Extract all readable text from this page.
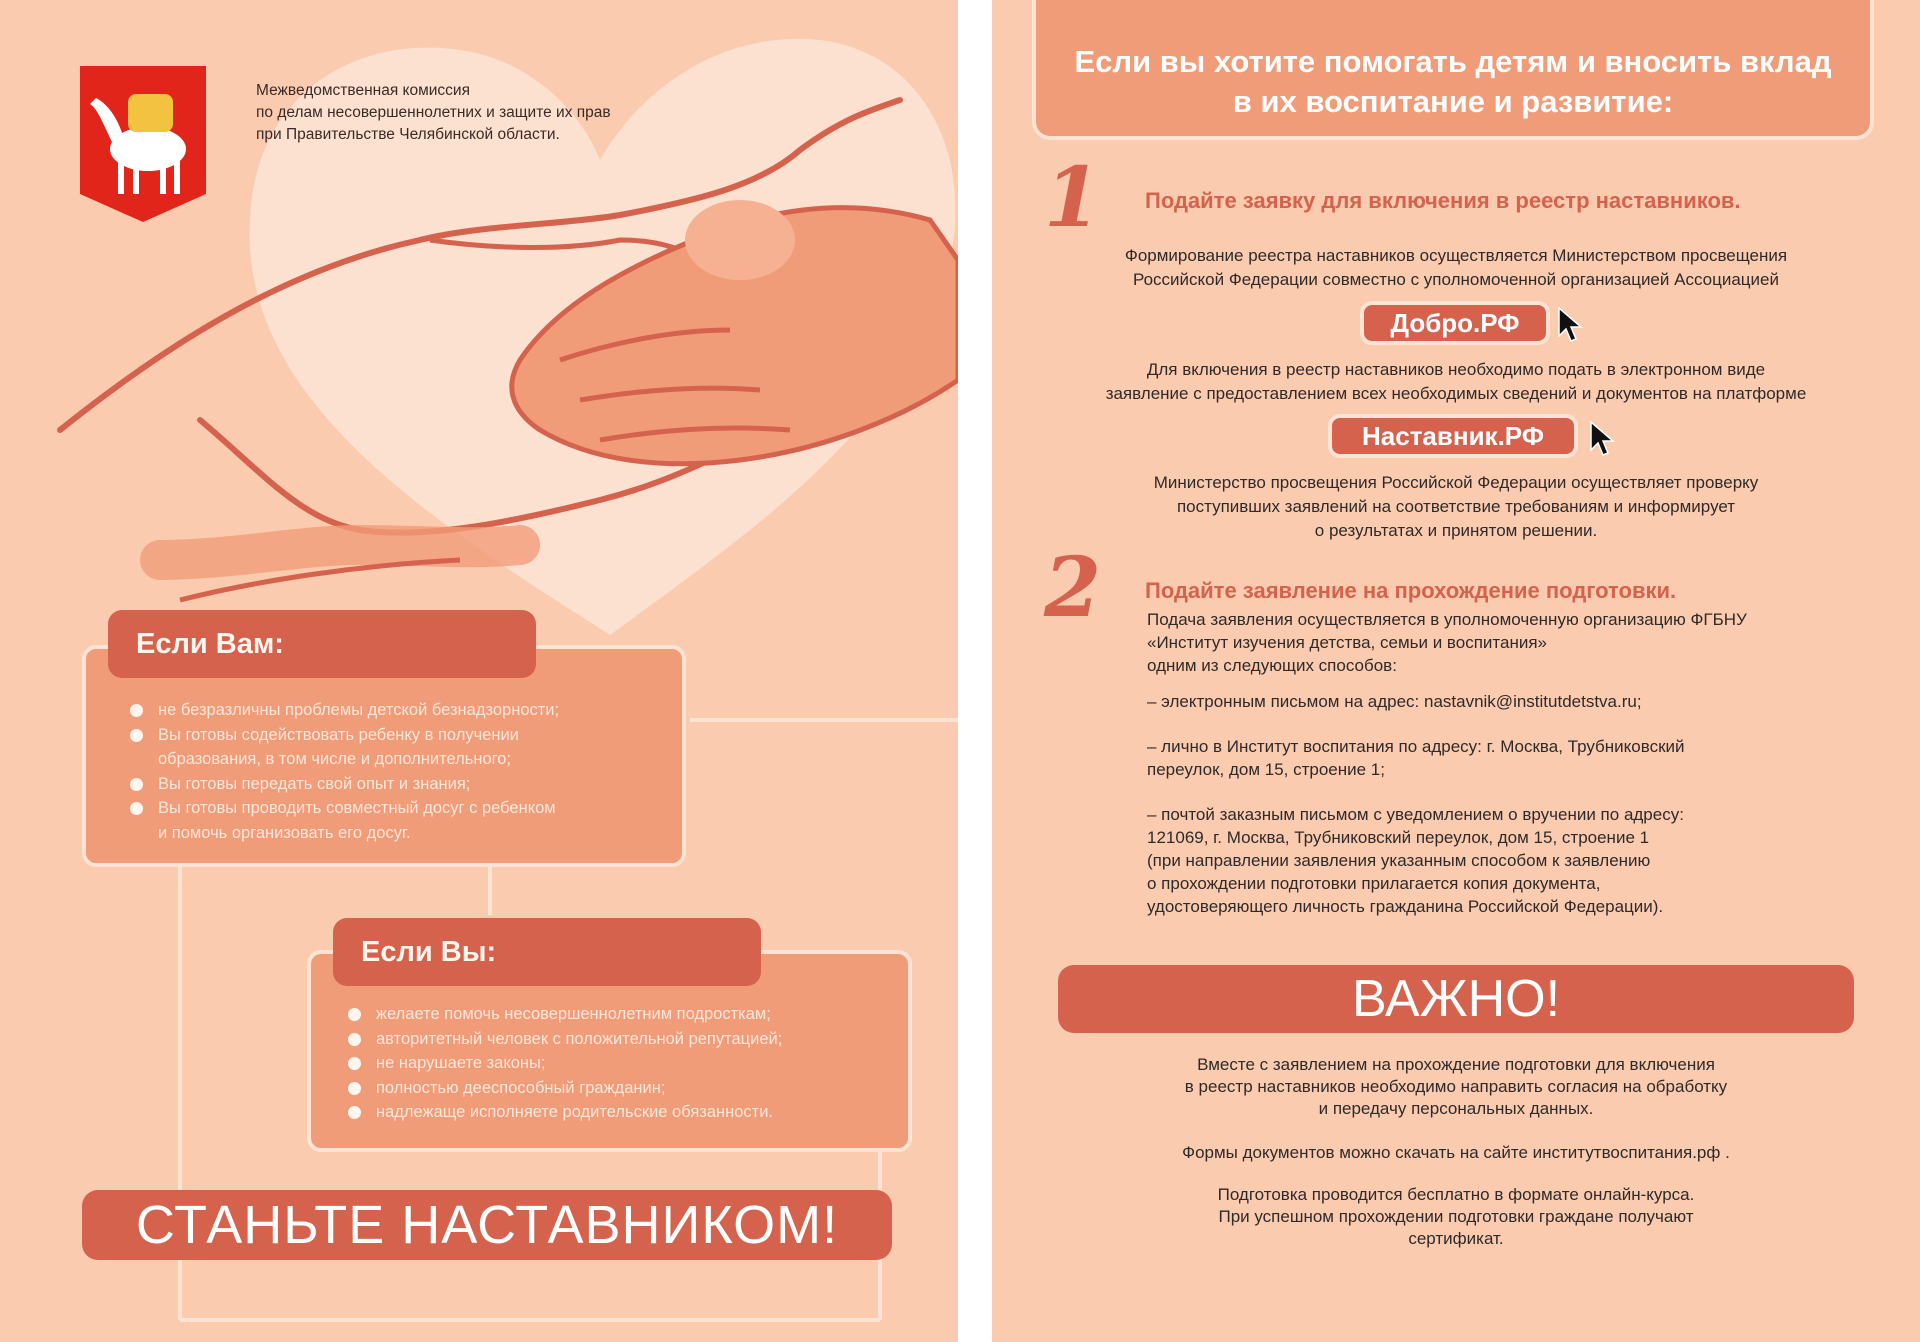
Межведомственная комиссия
по делам несовершеннолетних и защите их прав
при Правительстве Челябинской области.
Если Вам:
не безразличны проблемы детской безнадзорности;
Вы готовы содействовать ребенку в получении
образования, в том числе и дополнительного;
Вы готовы передать свой опыт и знания;
Вы готовы проводить совместный досуг с ребенком
и помочь организовать его досуг.
Если Вы:
желаете помочь несовершеннолетним подросткам;
авторитетный человек с положительной репутацией;
не нарушаете законы;
полностью дееспособный гражданин;
надлежаще исполняете родительские обязанности.
СТАНЬТЕ НАСТАВНИКОМ!
Если вы хотите помогать детям и вносить вклад
в их воспитание и развитие:
1 Подайте заявку для включения в реестр наставников.
Формирование реестра наставников осуществляется Министерством просвещения
Российской Федерации совместно с уполномоченной организацией Ассоциацией
Добро.РФ
Для включения в реестр наставников необходимо подать в электронном виде
заявление с предоставлением всех необходимых сведений и документов на платформе
Наставник.РФ
Министерство просвещения Российской Федерации осуществляет проверку
поступивших заявлений на соответствие требованиям и информирует
о результатах и принятом решении.
2 Подайте заявление на прохождение подготовки.
Подача заявления осуществляется в уполномоченную организацию ФГБНУ
«Институт изучения детства, семьи и воспитания»
одним из следующих способов:
– электронным письмом на адрес: nastavnik@institutdetstva.ru;
– лично в Институт воспитания по адресу: г. Москва, Трубниковский
переулок, дом 15, строение 1;
– почтой заказным письмом с уведомлением о вручении по адресу:
121069, г. Москва, Трубниковский переулок, дом 15, строение 1
(при направлении заявления указанным способом к заявлению
о прохождении подготовки прилагается копия документа,
удостоверяющего личность гражданина Российской Федерации).
ВАЖНО!
Вместе с заявлением на прохождение подготовки для включения
в реестр наставников необходимо направить согласия на обработку
и передачу персональных данных.
Формы документов можно скачать на сайте институтвоспитания.рф .
Подготовка проводится бесплатно в формате онлайн-курса.
При успешном прохождении подготовки граждане получают
сертификат.
